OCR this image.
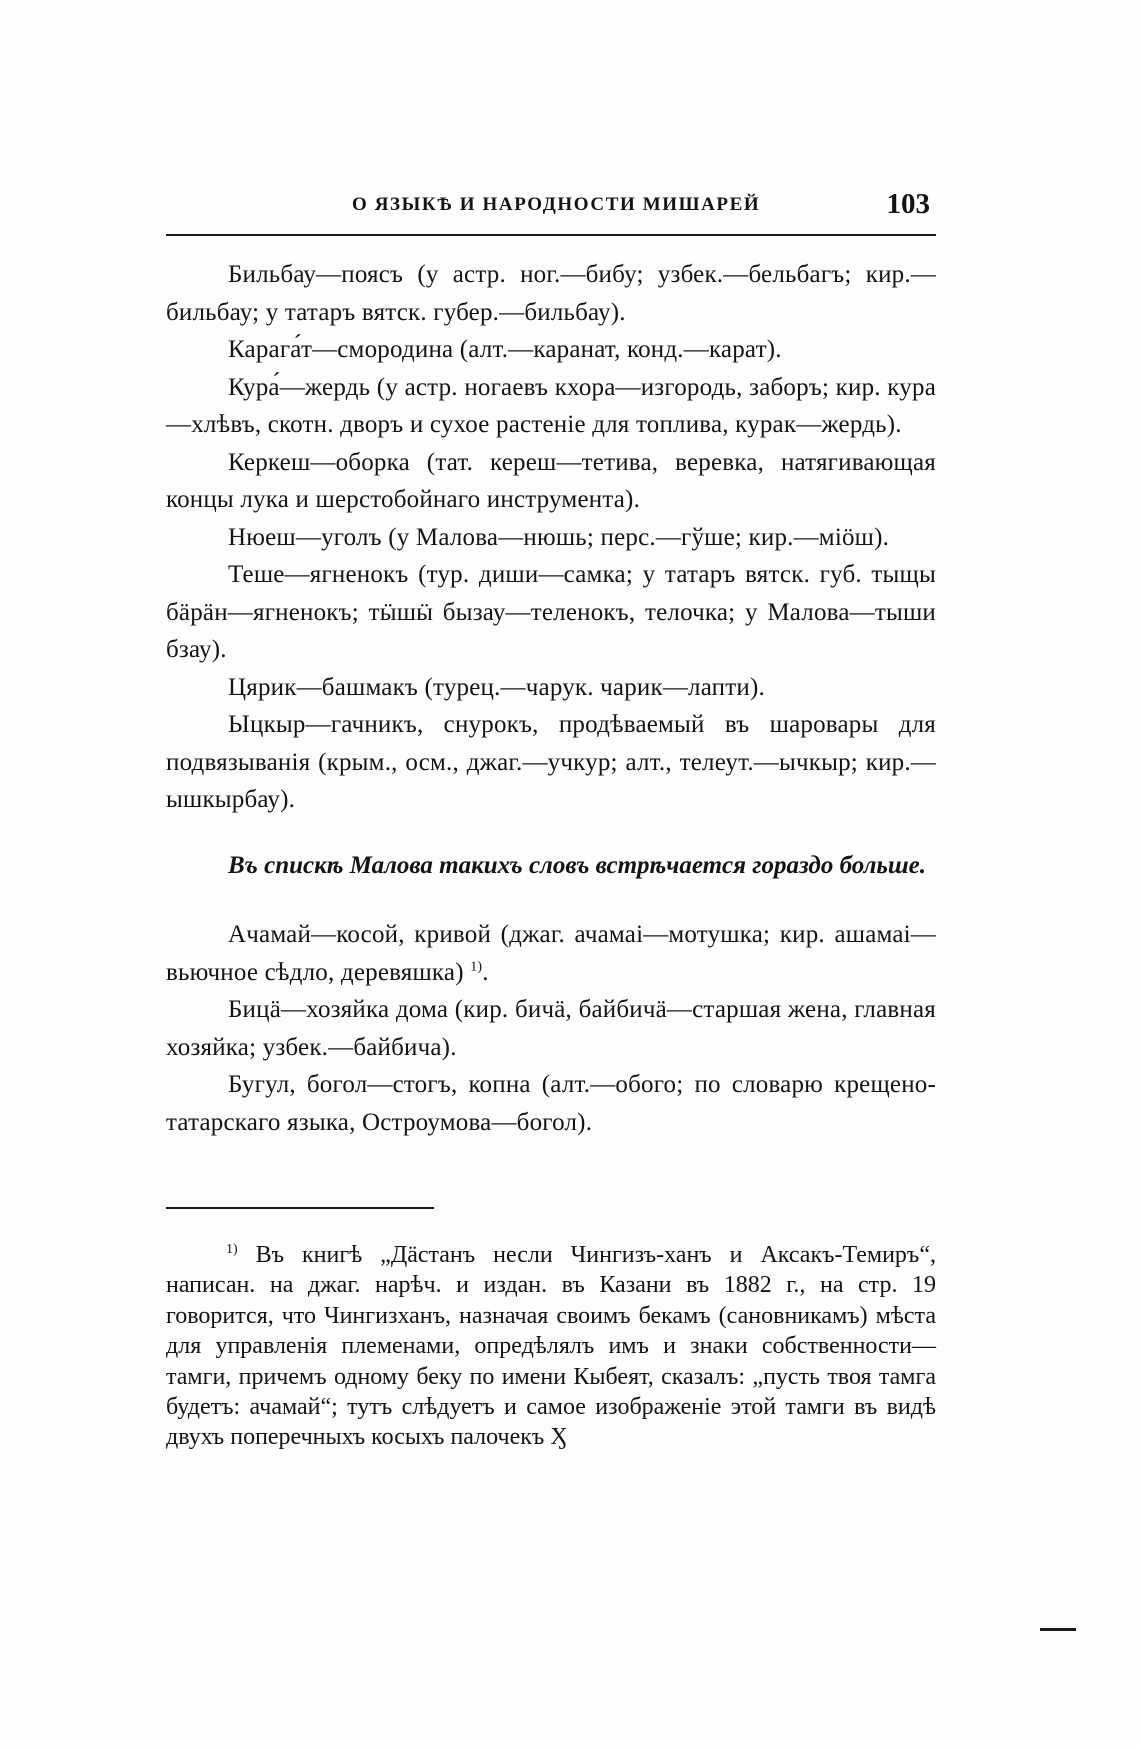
О ЯЗЫКѢ И НАРОДНОСТИ МИШАРЕЙ	103

Бильбау—поясъ (у астр. ног.—бибу; узбек.—бельбагъ; кир.—бильбау; у татаръ вятск. губер.—бильбау).

Карага́т—смородина (алт.—каранат, конд.—карат).

Кура́—жердь (у астр. ногаевъ кхора—изгородь, заборъ; кир. кура—хлѣвъ, скотн. дворъ и сухое растеніе для топлива, курак—жердь).

Керкеш—оборка (тат. кереш—тетива, веревка, натягивающая концы лука и шерстобойнаго инструмента).

Нюеш—уголъ (у Малова—нюшь; перс.—гўше; кир.—міӧш).

Теше—ягненокъ (тур. диши—самка; у татаръ вятск. губ. тыщы бäрäн—ягненокъ; тӹшӹ бызау—теленокъ, телочка; у Малова—тыши бзау).

Цярик—башмакъ (турец.—чарук. чарик—лапти).

Ыцкыр—гачникъ, снурокъ, продѣваемый въ шаровары для подвязыванія (крым., осм., джаг.—учкур; алт., телеут.—ычкыр; кир.—ышкырбау).

Въ спискѣ Малова такихъ словъ встрѣчается гораздо больше.

Ачамай—косой, кривой (джаг. ачамаі—мотушка; кир. ашамаі—вьючное сѣдло, деревяшка) $^{1)}$.

Бицä—хозяйка дома (кир. бичä, байбичä—старшая жена, главная хозяйка; узбек.—байбича).

Бугул, богол—стогъ, копна (алт.—обого; по словарю крещено-татарскаго языка, Остроумова—богол).

$^{1)}$ Въ книгѣ „Дäстанъ несли Чингизъ-ханъ и Аксакъ-Темиръ“, написан. на джаг. нарѣч. и издан. въ Казани въ 1882 г., на стр. 19 говорится, что Чингизханъ, назначая своимъ бекамъ (сановникамъ) мѣста для управленія племенами, опредѣлялъ имъ и знаки собственности—тамги, причемъ одному беку по имени Кыбеят, сказалъ: „пусть твоя тамга будетъ: ачамай“; тутъ слѣдуетъ и самое изображеніе этой тамги въ видѣ двухъ поперечныхъ косыхъ палочекъ Ӽ
